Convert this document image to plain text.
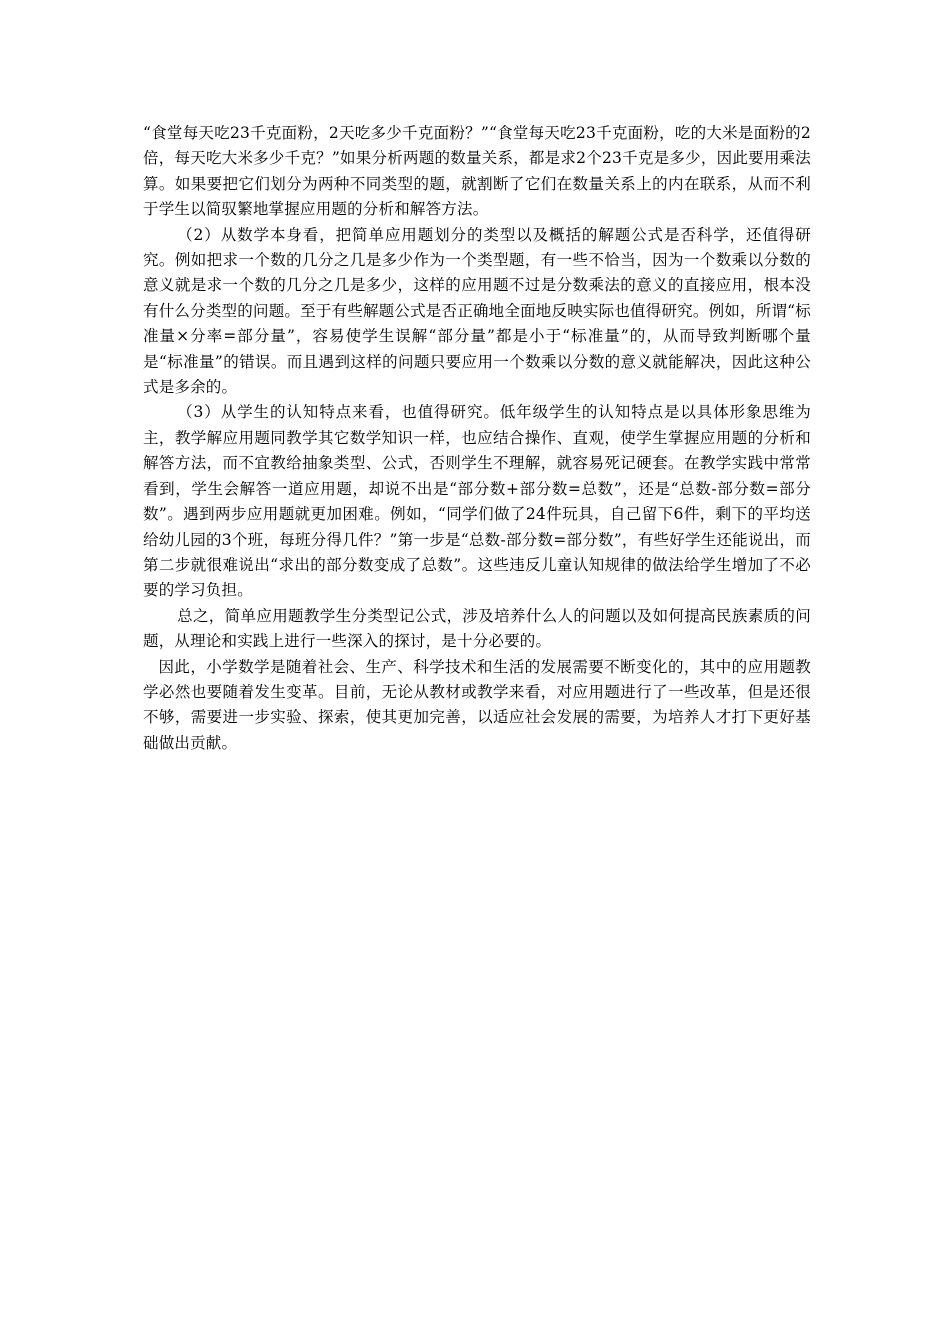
“食堂每天吃23千克面粉，2天吃多少千克面粉？”“食堂每天吃23千克面粉，吃的大米是面粉的2倍，每天吃大米多少千克？”如果分析两题的数量关系，都是求2个23千克是多少，因此要用乘法算。如果要把它们划分为两种不同类型的题，就割断了它们在数量关系上的内在联系，从而不利于学生以简驭繁地掌握应用题的分析和解答方法。

（2）从数学本身看，把简单应用题划分的类型以及概括的解题公式是否科学，还值得研究。例如把求一个数的几分之几是多少作为一个类型题，有一些不恰当，因为一个数乘以分数的意义就是求一个数的几分之几是多少，这样的应用题不过是分数乘法的意义的直接应用，根本没有什么分类型的问题。至于有些解题公式是否正确地全面地反映实际也值得研究。例如，所谓“标准量×分率=部分量”，容易使学生误解“部分量”都是小于“标准量”的，从而导致判断哪个量是“标准量”的错误。而且遇到这样的问题只要应用一个数乘以分数的意义就能解决，因此这种公式是多余的。

（3）从学生的认知特点来看，也值得研究。低年级学生的认知特点是以具体形象思维为主，教学解应用题同教学其它数学知识一样，也应结合操作、直观，使学生掌握应用题的分析和解答方法，而不宜教给抽象类型、公式，否则学生不理解，就容易死记硬套。在教学实践中常常看到，学生会解答一道应用题，却说不出是“部分数+部分数=总数”，还是“总数-部分数=部分数”。遇到两步应用题就更加困难。例如，“同学们做了24件玩具，自己留下6件，剩下的平均送给幼儿园的3个班，每班分得几件？”第一步是“总数-部分数=部分数”，有些好学生还能说出，而第二步就很难说出“求出的部分数变成了总数”。这些违反儿童认知规律的做法给学生增加了不必要的学习负担。

总之，简单应用题教学生分类型记公式，涉及培养什么人的问题以及如何提高民族素质的问题，从理论和实践上进行一些深入的探讨，是十分必要的。

因此，小学数学是随着社会、生产、科学技术和生活的发展需要不断变化的，其中的应用题教学必然也要随着发生变革。目前，无论从教材或教学来看，对应用题进行了一些改革，但是还很不够，需要进一步实验、探索，使其更加完善，以适应社会发展的需要，为培养人才打下更好基础做出贡献。
